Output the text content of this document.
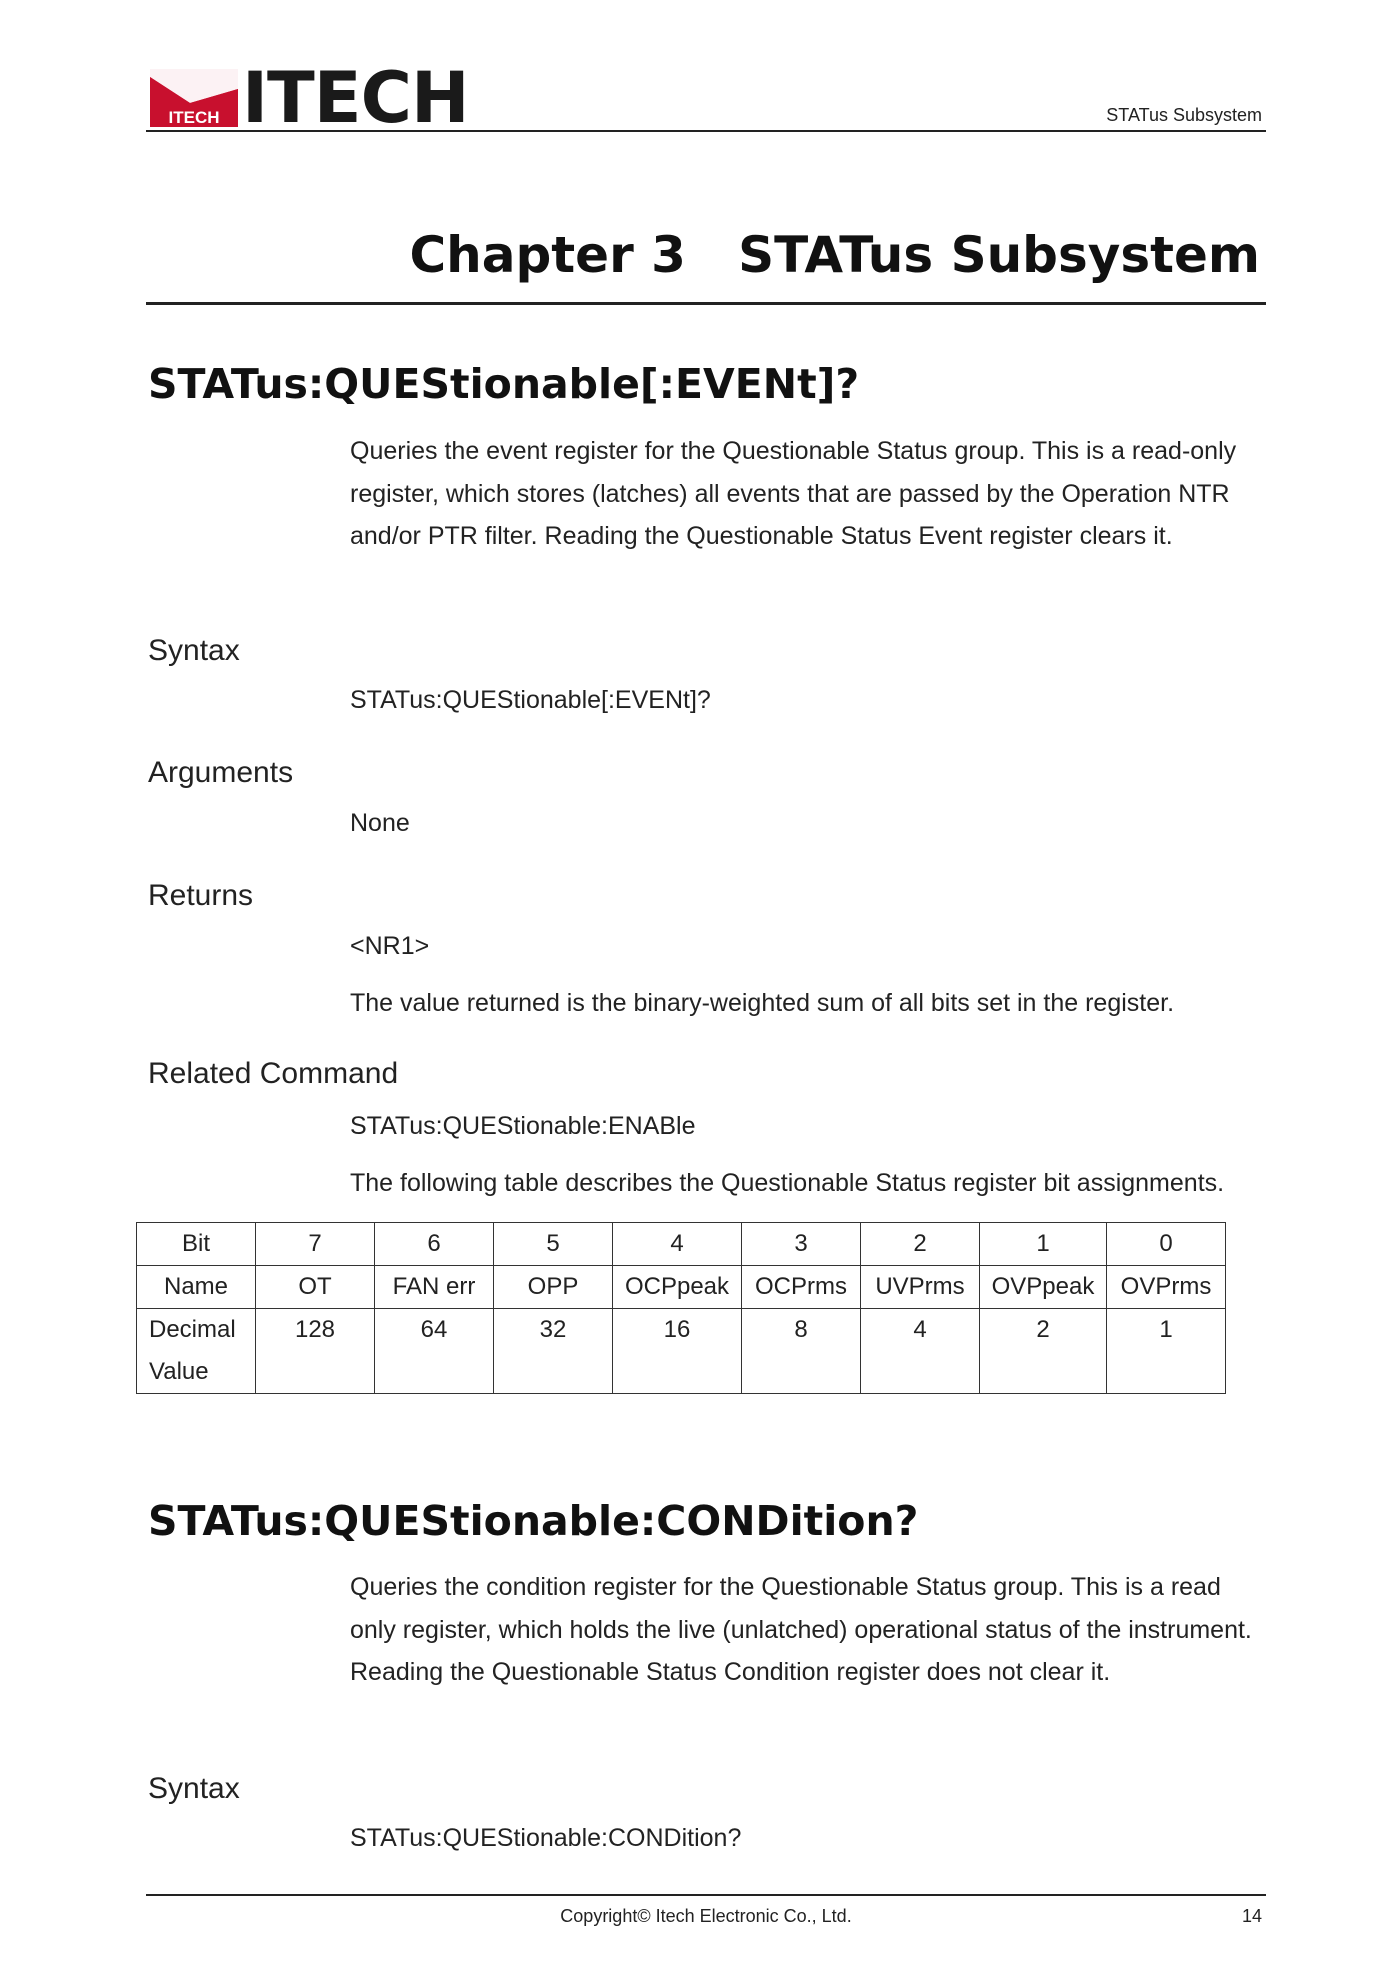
ITECH ITECH	STATus Subsystem
Chapter 3   STATus Subsystem
STATus:QUEStionable[:EVENt]?
Queries the event register for the Questionable Status group. This is a read-only register, which stores (latches) all events that are passed by the Operation NTR and/or PTR filter. Reading the Questionable Status Event register clears it.
Syntax
STATus:QUEStionable[:EVENt]?
Arguments
None
Returns
<NR1>
The value returned is the binary-weighted sum of all bits set in the register.
Related Command
STATus:QUEStionable:ENABle
The following table describes the Questionable Status register bit assignments.
Bit	7	6	5	4	3	2	1	0
Name	OT	FAN err	OPP	OCPpeak	OCPrms	UVPrms	OVPpeak	OVPrms
Decimal Value	128	64	32	16	8	4	2	1
STATus:QUEStionable:CONDition?
Queries the condition register for the Questionable Status group. This is a read only register, which holds the live (unlatched) operational status of the instrument. Reading the Questionable Status Condition register does not clear it.
Syntax
STATus:QUEStionable:CONDition?
Copyright© Itech Electronic Co., Ltd.	14
